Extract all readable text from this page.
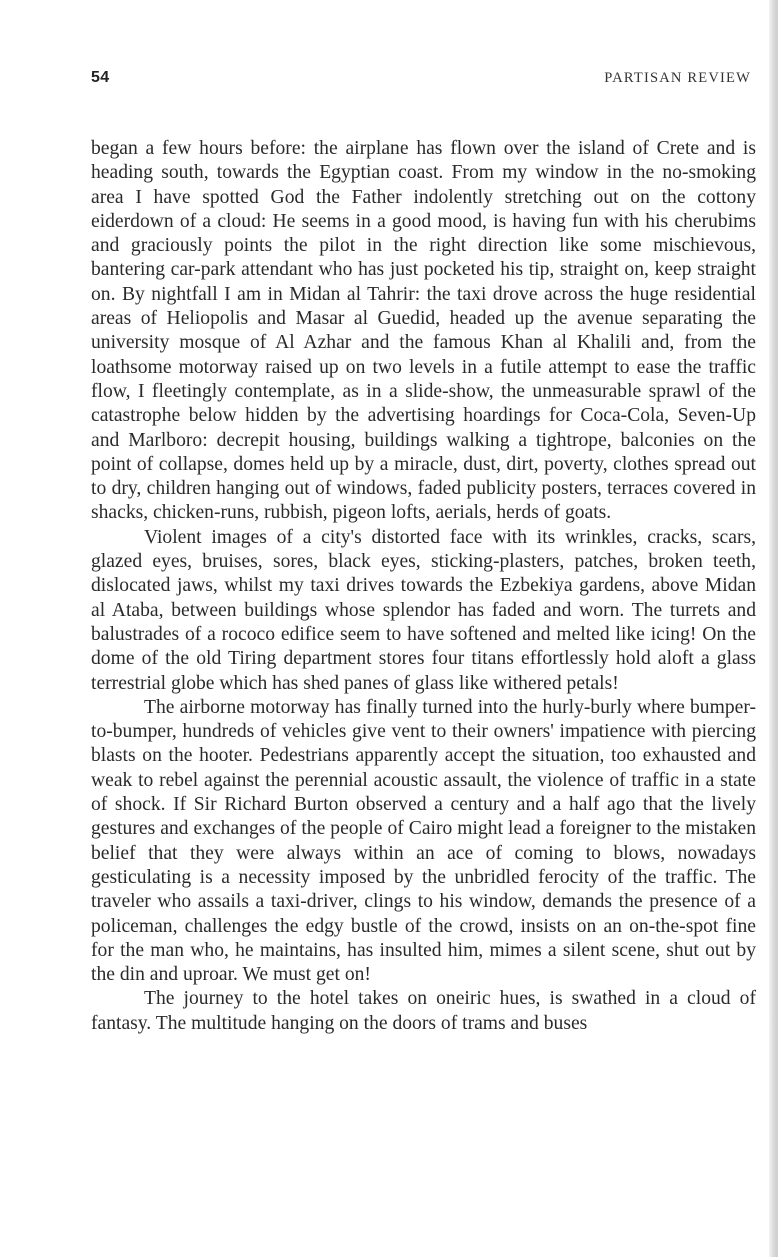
54	PARTISAN REVIEW

began a few hours before: the airplane has flown over the island of Crete and is heading south, towards the Egyptian coast. From my window in the no-smoking area I have spotted God the Father indolently stretching out on the cottony eiderdown of a cloud: He seems in a good mood, is having fun with his cherubims and graciously points the pilot in the right direction like some mischievous, bantering car-park attendant who has just pocketed his tip, straight on, keep straight on. By nightfall I am in Midan al Tahrir: the taxi drove across the huge residential areas of Heliopolis and Masar al Guedid, headed up the avenue separating the university mosque of Al Azhar and the famous Khan al Khalili and, from the loathsome motorway raised up on two levels in a futile attempt to ease the traffic flow, I fleetingly contemplate, as in a slide-show, the unmeasurable sprawl of the catastrophe below hidden by the advertising hoardings for Coca-Cola, Seven-Up and Marlboro: decrepit housing, buildings walking a tightrope, balconies on the point of collapse, domes held up by a miracle, dust, dirt, poverty, clothes spread out to dry, children hanging out of windows, faded publicity posters, terraces covered in shacks, chicken-runs, rubbish, pigeon lofts, aerials, herds of goats.

Violent images of a city's distorted face with its wrinkles, cracks, scars, glazed eyes, bruises, sores, black eyes, sticking-plasters, patches, broken teeth, dislocated jaws, whilst my taxi drives towards the Ezbekiya gardens, above Midan al Ataba, between buildings whose splendor has faded and worn. The turrets and balustrades of a rococo edifice seem to have softened and melted like icing! On the dome of the old Tiring department stores four titans effortlessly hold aloft a glass terrestrial globe which has shed panes of glass like withered petals!

The airborne motorway has finally turned into the hurly-burly where bumper-to-bumper, hundreds of vehicles give vent to their owners' impatience with piercing blasts on the hooter. Pedestrians apparently accept the situation, too exhausted and weak to rebel against the perennial acoustic assault, the violence of traffic in a state of shock. If Sir Richard Burton observed a century and a half ago that the lively gestures and exchanges of the people of Cairo might lead a foreigner to the mistaken belief that they were always within an ace of coming to blows, nowadays gesticulating is a necessity imposed by the unbridled ferocity of the traffic. The traveler who assails a taxi-driver, clings to his window, demands the presence of a policeman, challenges the edgy bustle of the crowd, insists on an on-the-spot fine for the man who, he maintains, has insulted him, mimes a silent scene, shut out by the din and uproar. We must get on!

The journey to the hotel takes on oneiric hues, is swathed in a cloud of fantasy. The multitude hanging on the doors of trams and buses
